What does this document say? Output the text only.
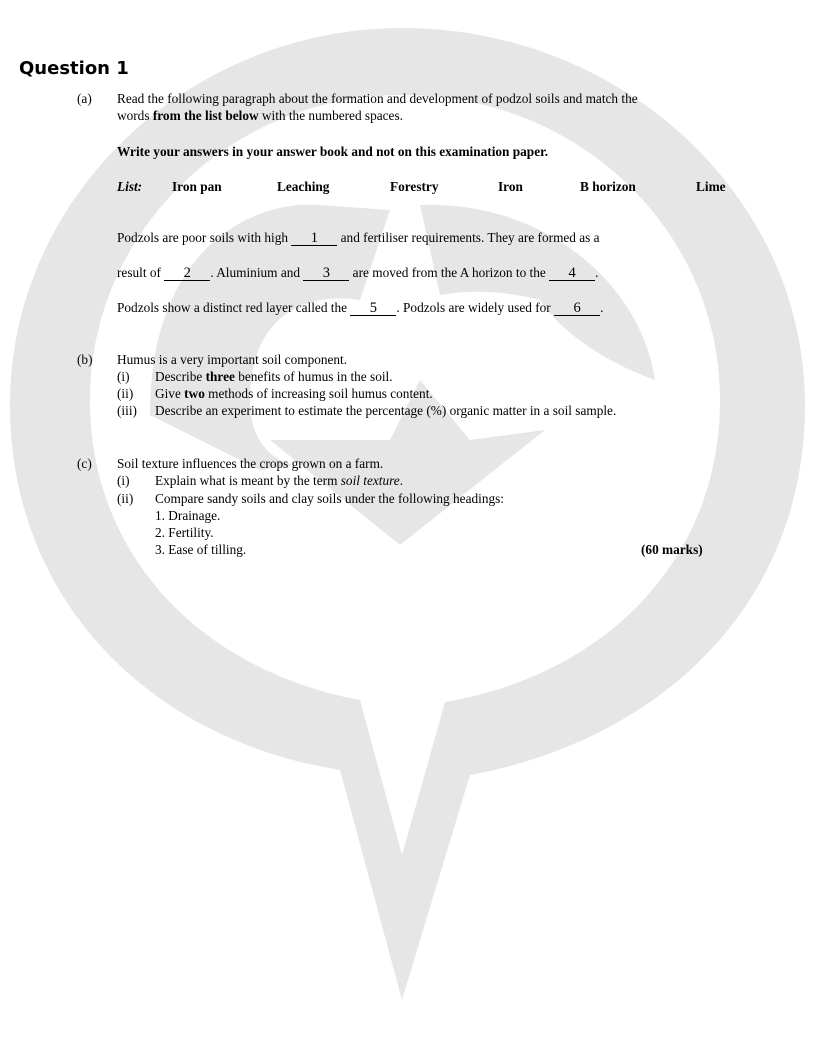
Question 1
(a) Read the following paragraph about the formation and development of podzol soils and match the
words from the list below with the numbered spaces.
Write your answers in your answer book and not on this examination paper.
List: Iron pan	Leaching	Forestry	Iron	B horizon	Lime
Podzols are poor soils with high 1 and fertiliser requirements. They are formed as a
result of 2 . Aluminium and 3 are moved from the A horizon to the 4 .
Podzols show a distinct red layer called the 5 . Podzols are widely used for 6 .
(b) Humus is a very important soil component.
(i) Describe three benefits of humus in the soil.
(ii) Give two methods of increasing soil humus content.
(iii) Describe an experiment to estimate the percentage (%) organic matter in a soil sample.
(c) Soil texture influences the crops grown on a farm.
(i) Explain what is meant by the term soil texture.
(ii) Compare sandy soils and clay soils under the following headings:
1. Drainage.
2. Fertility.
3. Ease of tilling.	(60 marks)
